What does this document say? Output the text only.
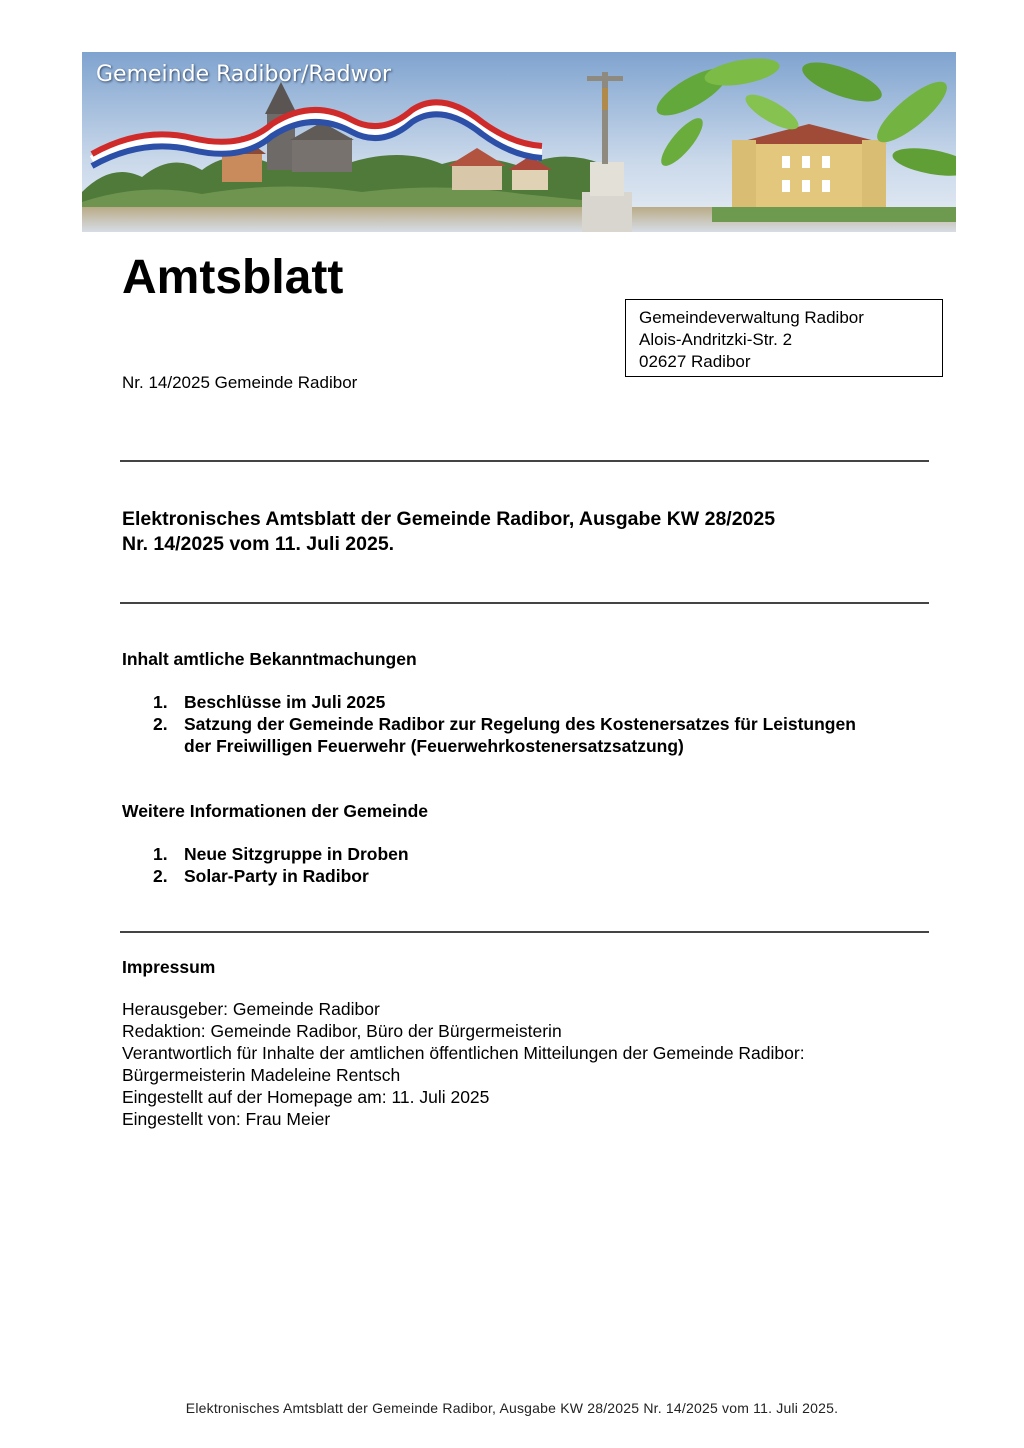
Gemeinde Radibor/Radwor
Amtsblatt
Nr. 14/2025 Gemeinde Radibor
Gemeindeverwaltung Radibor
Alois-Andritzki-Str. 2
02627 Radibor
Elektronisches Amtsblatt der Gemeinde Radibor, Ausgabe KW 28/2025
Nr. 14/2025 vom 11. Juli 2025.
Inhalt amtliche Bekanntmachungen
1. Beschlüsse im Juli 2025
2. Satzung der Gemeinde Radibor zur Regelung des Kostenersatzes für Leistungen
der Freiwilligen Feuerwehr (Feuerwehrkostenersatzsatzung)
Weitere Informationen der Gemeinde
1. Neue Sitzgruppe in Droben
2. Solar-Party in Radibor
Impressum
Herausgeber: Gemeinde Radibor
Redaktion: Gemeinde Radibor, Büro der Bürgermeisterin
Verantwortlich für Inhalte der amtlichen öffentlichen Mitteilungen der Gemeinde Radibor:
Bürgermeisterin Madeleine Rentsch
Eingestellt auf der Homepage am: 11. Juli 2025
Eingestellt von: Frau Meier
Elektronisches Amtsblatt der Gemeinde Radibor, Ausgabe KW 28/2025 Nr. 14/2025 vom 11. Juli 2025.
